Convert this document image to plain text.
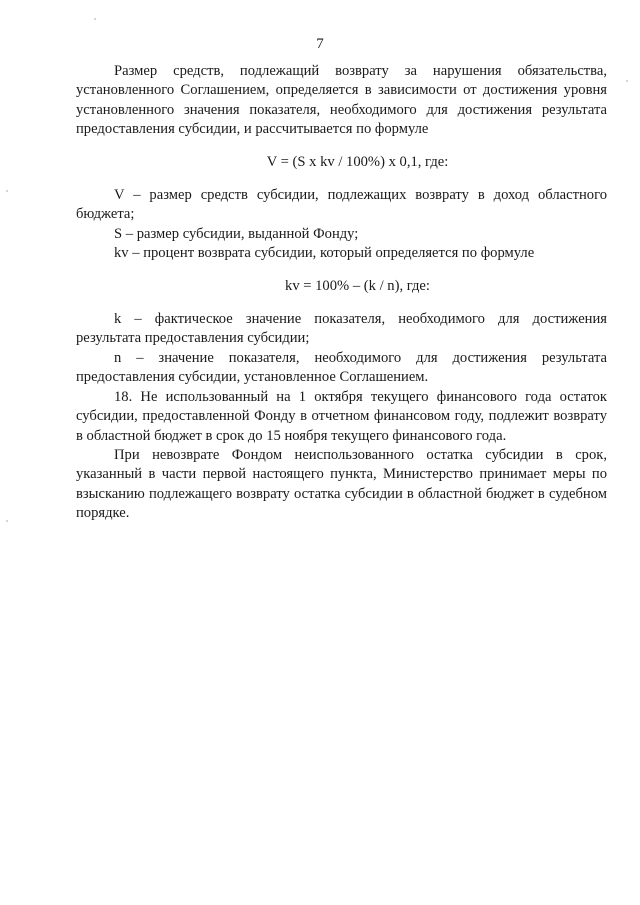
7

Размер средств, подлежащий возврату за нарушения обязательства, установленного Соглашением, определяется в зависимости от достижения уровня установленного значения показателя, необходимого для достижения результата предоставления субсидии, и рассчитывается по формуле

V = (S x kv / 100%) x 0,1, где:

V – размер средств субсидии, подлежащих возврату в доход областного бюджета;

S – размер субсидии, выданной Фонду;

kv – процент возврата субсидии, который определяется по формуле

kv = 100% – (k / n), где:

k – фактическое значение показателя, необходимого для достижения результата предоставления субсидии;

n – значение показателя, необходимого для достижения результата предоставления субсидии, установленное Соглашением.

18. Не использованный на 1 октября текущего финансового года остаток субсидии, предоставленной Фонду в отчетном финансовом году, подлежит возврату в областной бюджет в срок до 15 ноября текущего финансового года.

При невозврате Фондом неиспользованного остатка субсидии в срок, указанный в части первой настоящего пункта, Министерство принимает меры по взысканию подлежащего возврату остатка субсидии в областной бюджет в судебном порядке.
